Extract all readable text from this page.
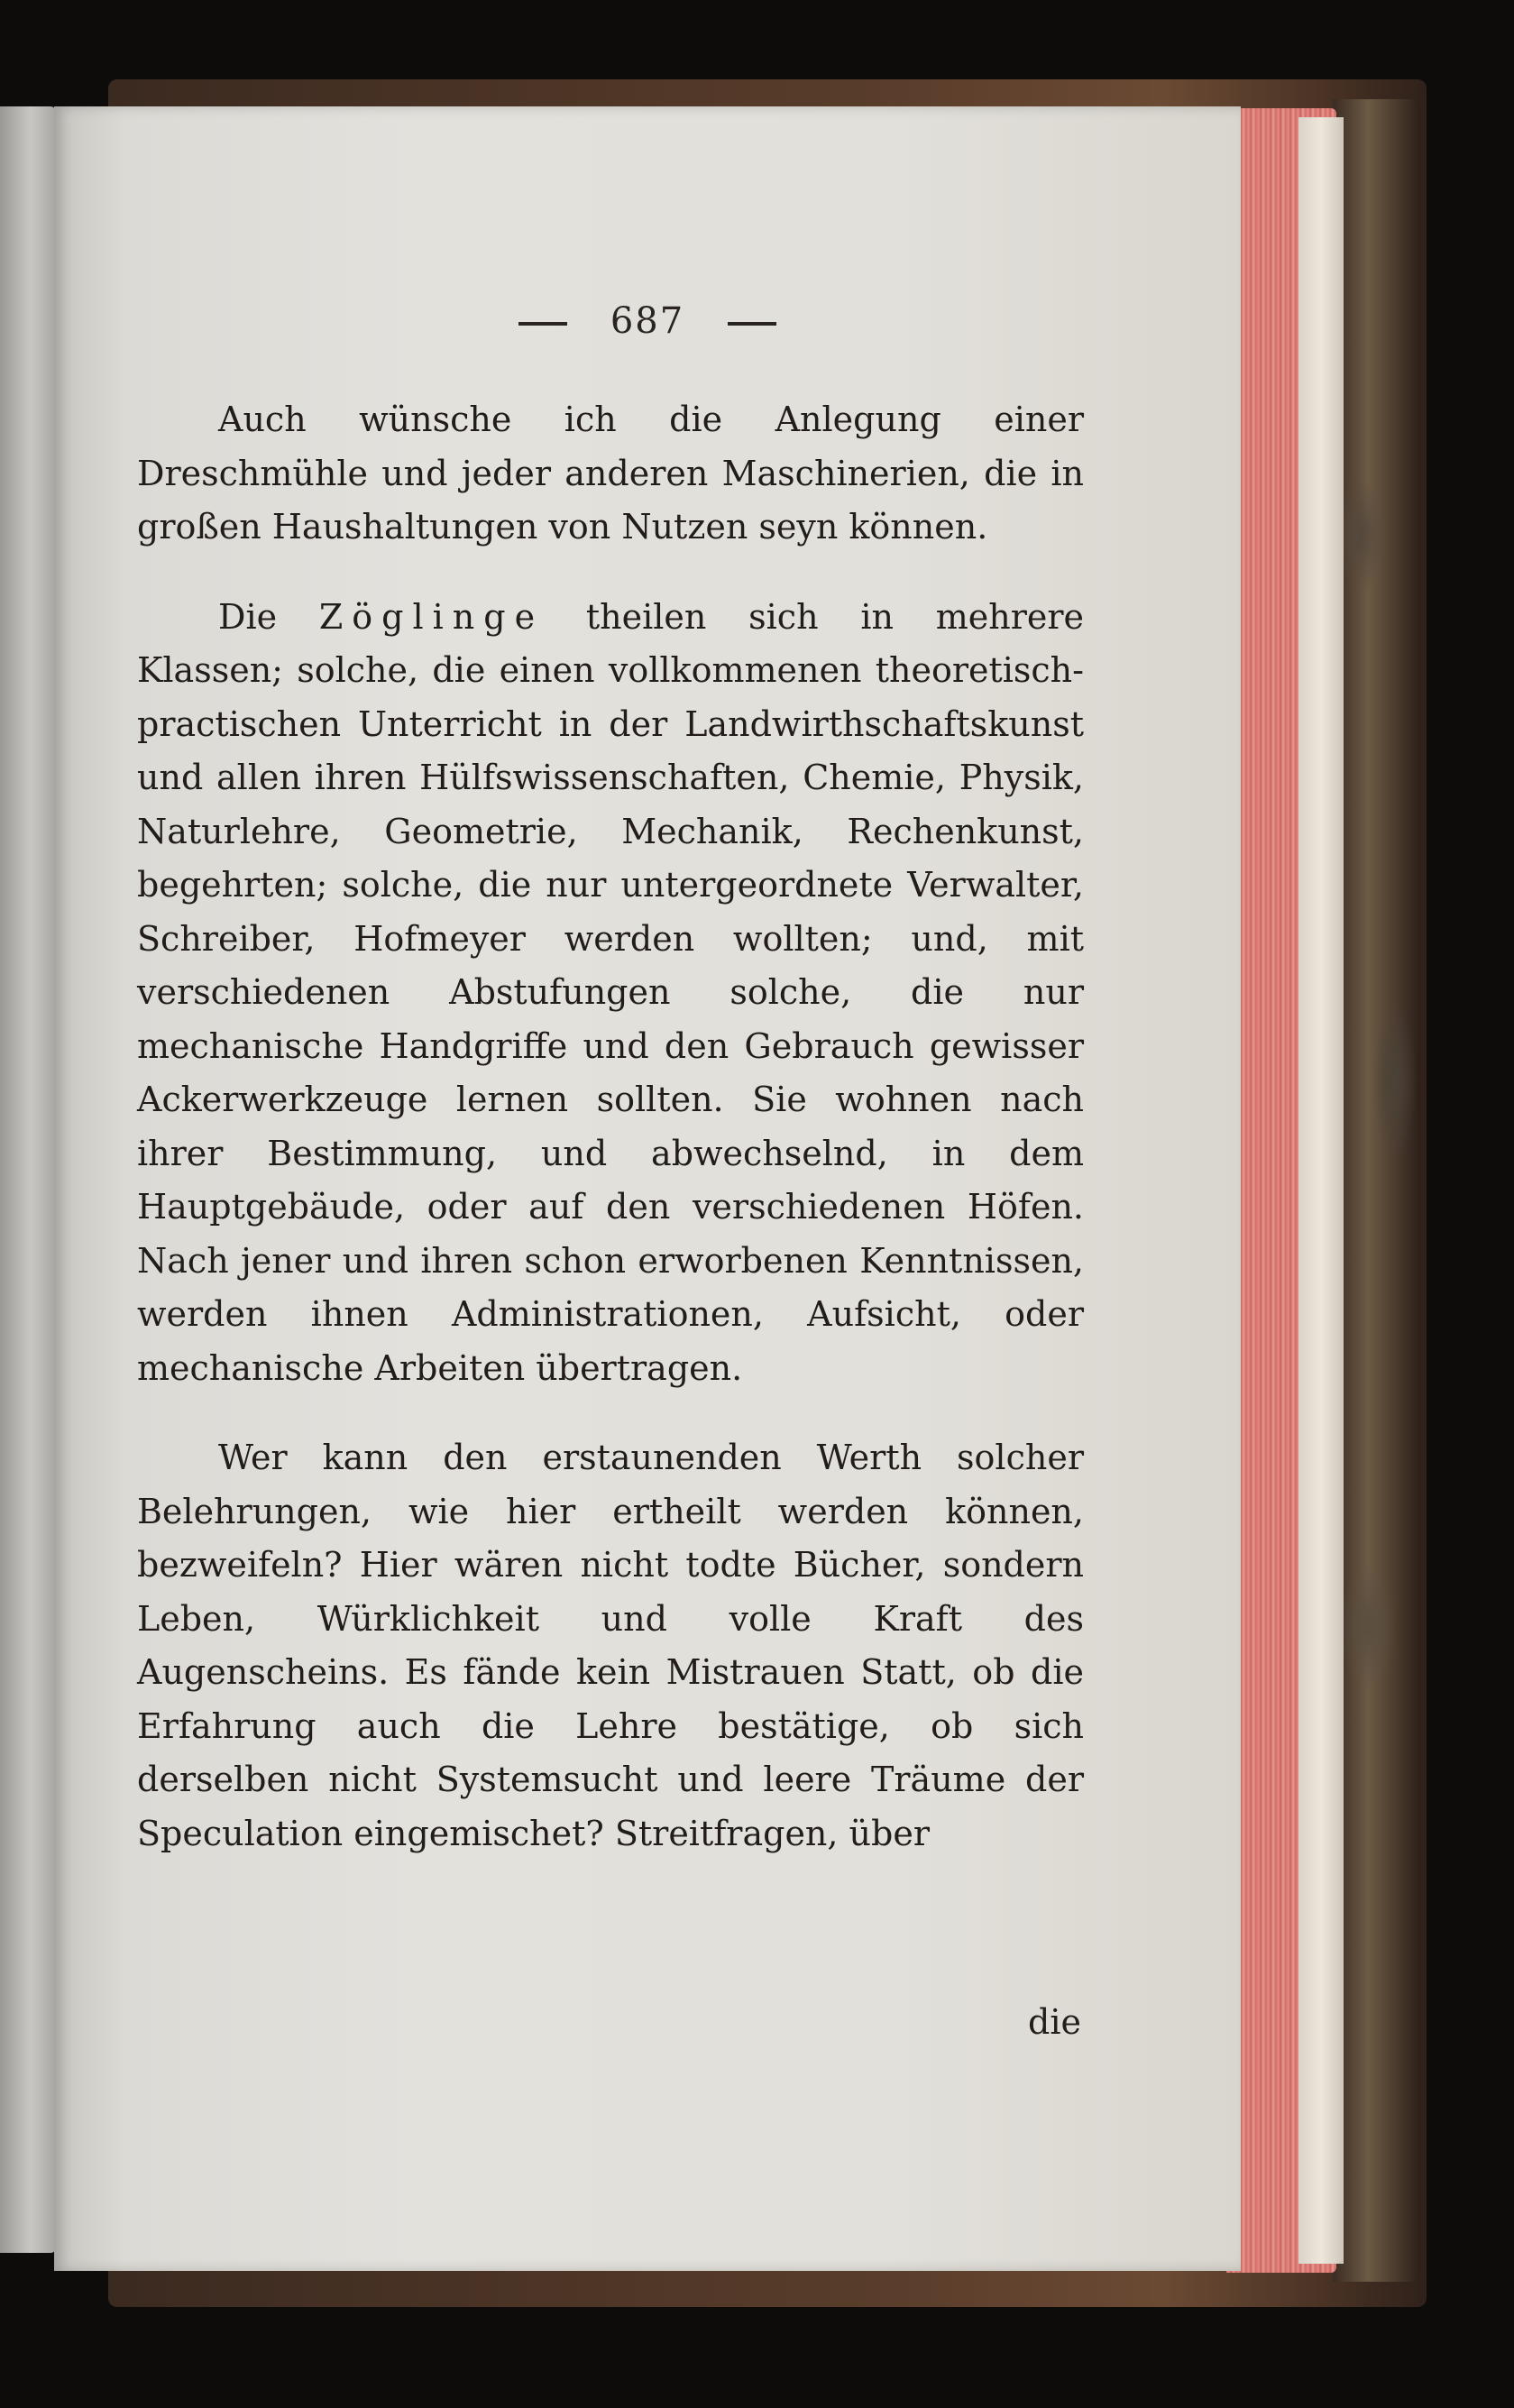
687

Auch wünsche ich die Anlegung einer Dreschmühle und jeder anderen Maschinerien, die in großen Haushaltungen von Nutzen seyn können.

Die Zöglinge theilen sich in mehrere Klassen; solche, die einen vollkommenen theoretisch-practischen Unterricht in der Landwirthschaftskunst und allen ihren Hülfswissenschaften, Chemie, Physik, Naturlehre, Geometrie, Mechanik, Rechenkunst, begehrten; solche, die nur untergeordnete Verwalter, Schreiber, Hofmeyer werden wollten; und, mit verschiedenen Abstufungen solche, die nur mechanische Handgriffe und den Gebrauch gewisser Ackerwerkzeuge lernen sollten. Sie wohnen nach ihrer Bestimmung, und abwechselnd, in dem Hauptgebäude, oder auf den verschiedenen Höfen. Nach jener und ihren schon erworbenen Kenntnissen, werden ihnen Administrationen, Aufsicht, oder mechanische Arbeiten übertragen.

Wer kann den erstaunenden Werth solcher Belehrungen, wie hier ertheilt werden können, bezweifeln? Hier wären nicht todte Bücher, sondern Leben, Würklichkeit und volle Kraft des Augenscheins. Es fände kein Mistrauen Statt, ob die Erfahrung auch die Lehre bestätige, ob sich derselben nicht Systemsucht und leere Träume der Speculation eingemischet? Streitfragen, über

die
